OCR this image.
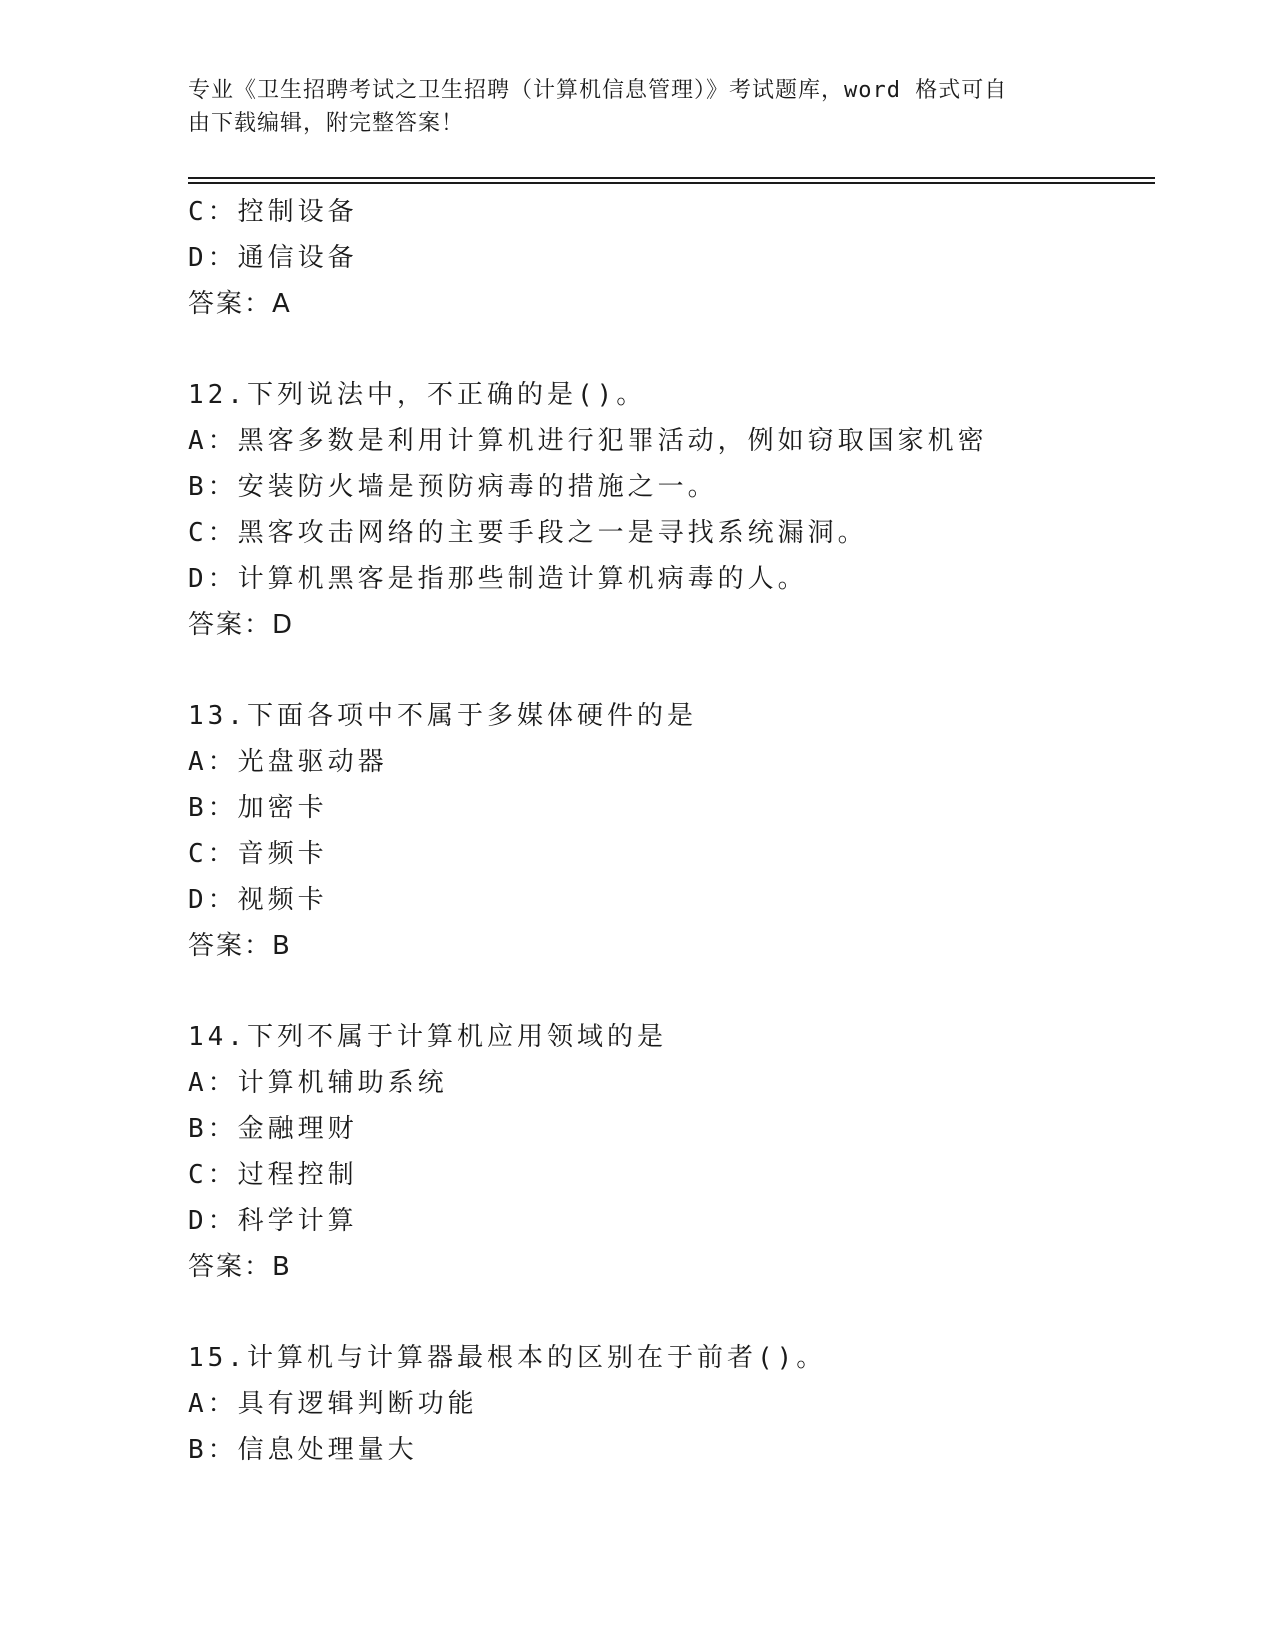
专业《卫生招聘考试之卫生招聘（计算机信息管理）》考试题库，word 格式可自
由下载编辑，附完整答案！
C：控制设备
D：通信设备
答案：A
12.下列说法中，不正确的是()。
A：黑客多数是利用计算机进行犯罪活动，例如窃取国家机密
B：安装防火墙是预防病毒的措施之一。
C：黑客攻击网络的主要手段之一是寻找系统漏洞。
D：计算机黑客是指那些制造计算机病毒的人。
答案：D
13.下面各项中不属于多媒体硬件的是
A：光盘驱动器
B：加密卡
C：音频卡
D：视频卡
答案：B
14.下列不属于计算机应用领域的是
A：计算机辅助系统
B：金融理财
C：过程控制
D：科学计算
答案：B
15.计算机与计算器最根本的区别在于前者()。
A：具有逻辑判断功能
B：信息处理量大
